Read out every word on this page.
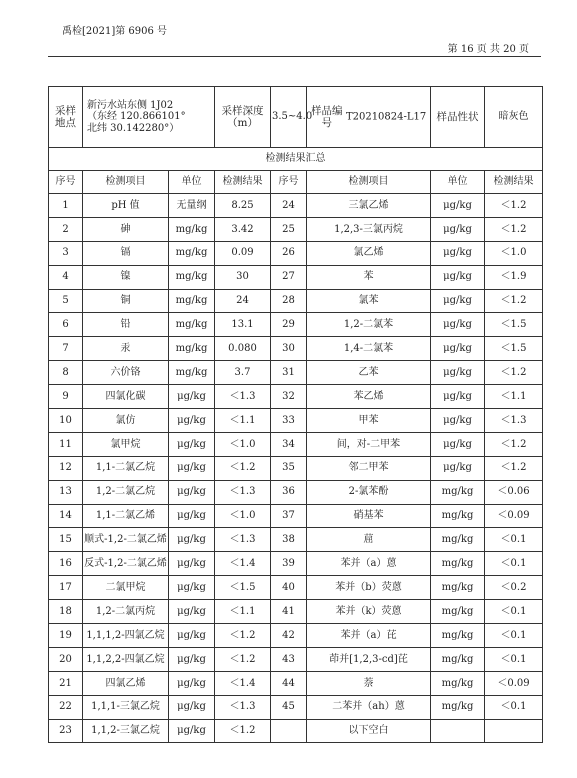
禹检[2021]第 6906 号
第 16 页 共 20 页
采样地点	新污水站东侧 1J02
（东经 120.866101°
北纬 30.142280°）		采样深度（m）	3.5~4.0	样品编号 T20210824-L17	样品性状	暗灰色
检测结果汇总							
序号	检测项目	单位	检测结果	序号	检测项目	单位	检测结果
1	pH 值	无量纲	8.25	24	三氯乙烯	μg/kg	＜1.2
2	砷	mg/kg	3.42	25	1,2,3-三氯丙烷	μg/kg	＜1.2
3	镉	mg/kg	0.09	26	氯乙烯	μg/kg	＜1.0
4	镍	mg/kg	30	27	苯	μg/kg	＜1.9
5	铜	mg/kg	24	28	氯苯	μg/kg	＜1.2
6	铅	mg/kg	13.1	29	1,2-二氯苯	μg/kg	＜1.5
7	汞	mg/kg	0.080	30	1,4-二氯苯	μg/kg	＜1.5
8	六价铬	mg/kg	3.7	31	乙苯	μg/kg	＜1.2
9	四氯化碳	μg/kg	＜1.3	32	苯乙烯	μg/kg	＜1.1
10	氯仿	μg/kg	＜1.1	33	甲苯	μg/kg	＜1.3
11	氯甲烷	μg/kg	＜1.0	34	间，对-二甲苯	μg/kg	＜1.2
12	1,1-二氯乙烷	μg/kg	＜1.2	35	邻二甲苯	μg/kg	＜1.2
13	1,2-二氯乙烷	μg/kg	＜1.3	36	2-氯苯酚	mg/kg	＜0.06
14	1,1-二氯乙烯	μg/kg	＜1.0	37	硝基苯	mg/kg	＜0.09
15	顺式-1,2-二氯乙烯	μg/kg	＜1.3	38	䓛	mg/kg	＜0.1
16	反式-1,2-二氯乙烯	μg/kg	＜1.4	39	苯并（a）蒽	mg/kg	＜0.1
17	二氯甲烷	μg/kg	＜1.5	40	苯并（b）荧蒽	mg/kg	＜0.2
18	1,2-二氯丙烷	μg/kg	＜1.1	41	苯并（k）荧蒽	mg/kg	＜0.1
19	1,1,1,2-四氯乙烷	μg/kg	＜1.2	42	苯并（a）芘	mg/kg	＜0.1
20	1,1,2,2-四氯乙烷	μg/kg	＜1.2	43	茚并[1,2,3-cd]芘	mg/kg	＜0.1
21	四氯乙烯	μg/kg	＜1.4	44	萘	mg/kg	＜0.09
22	1,1,1-三氯乙烷	μg/kg	＜1.3	45	二苯并（ah）蒽	mg/kg	＜0.1
23	1,1,2-三氯乙烷	μg/kg	＜1.2		以下空白		
